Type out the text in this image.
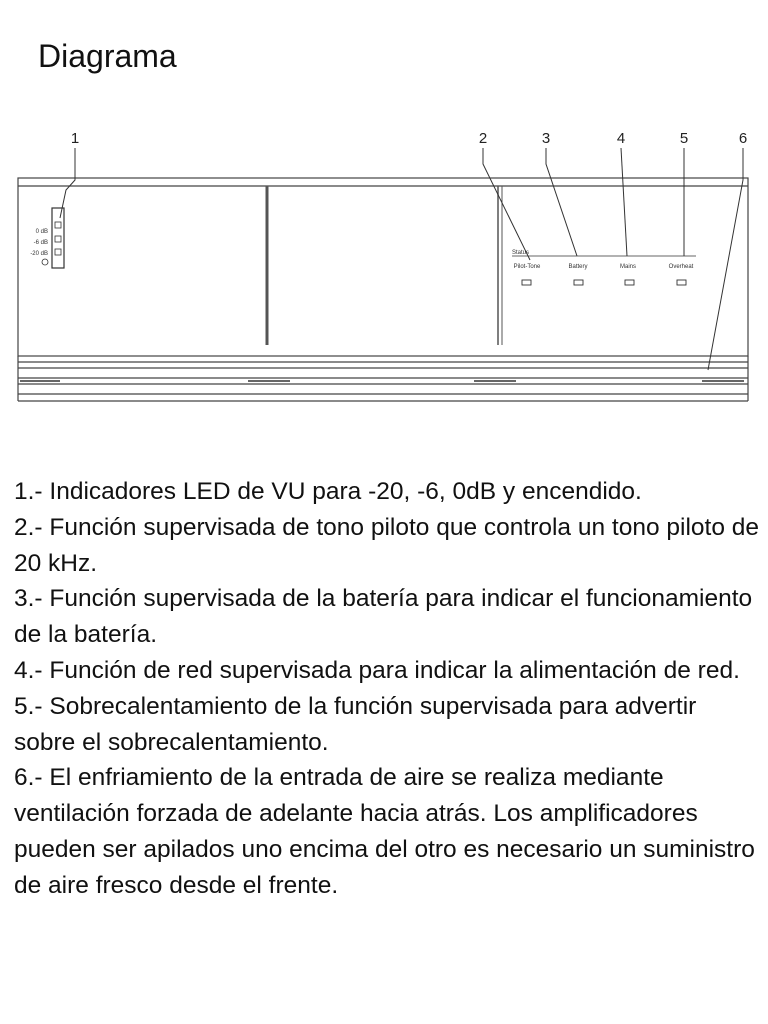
Diagrama
1	2	3	4	5	6
0 dB
-6 dB
-20 dB	Status
Pilot-Tone	Battery	Mains	Overheat

1.- Indicadores LED de VU para -20, -6, 0dB y encendido.

2.- Función supervisada de tono piloto que controla un tono piloto de 20 kHz.

3.- Función supervisada de la batería para indicar el funcionamiento de la batería.

4.- Función de red supervisada para indicar la alimentación de red.

5.- Sobrecalentamiento de la función supervisada para advertir sobre el sobrecalentamiento.

6.- El enfriamiento de la entrada de aire se realiza mediante ventilación forzada de adelante hacia atrás. Los amplificadores pueden ser apilados uno encima del otro es necesario un suministro de aire fresco desde el frente.
